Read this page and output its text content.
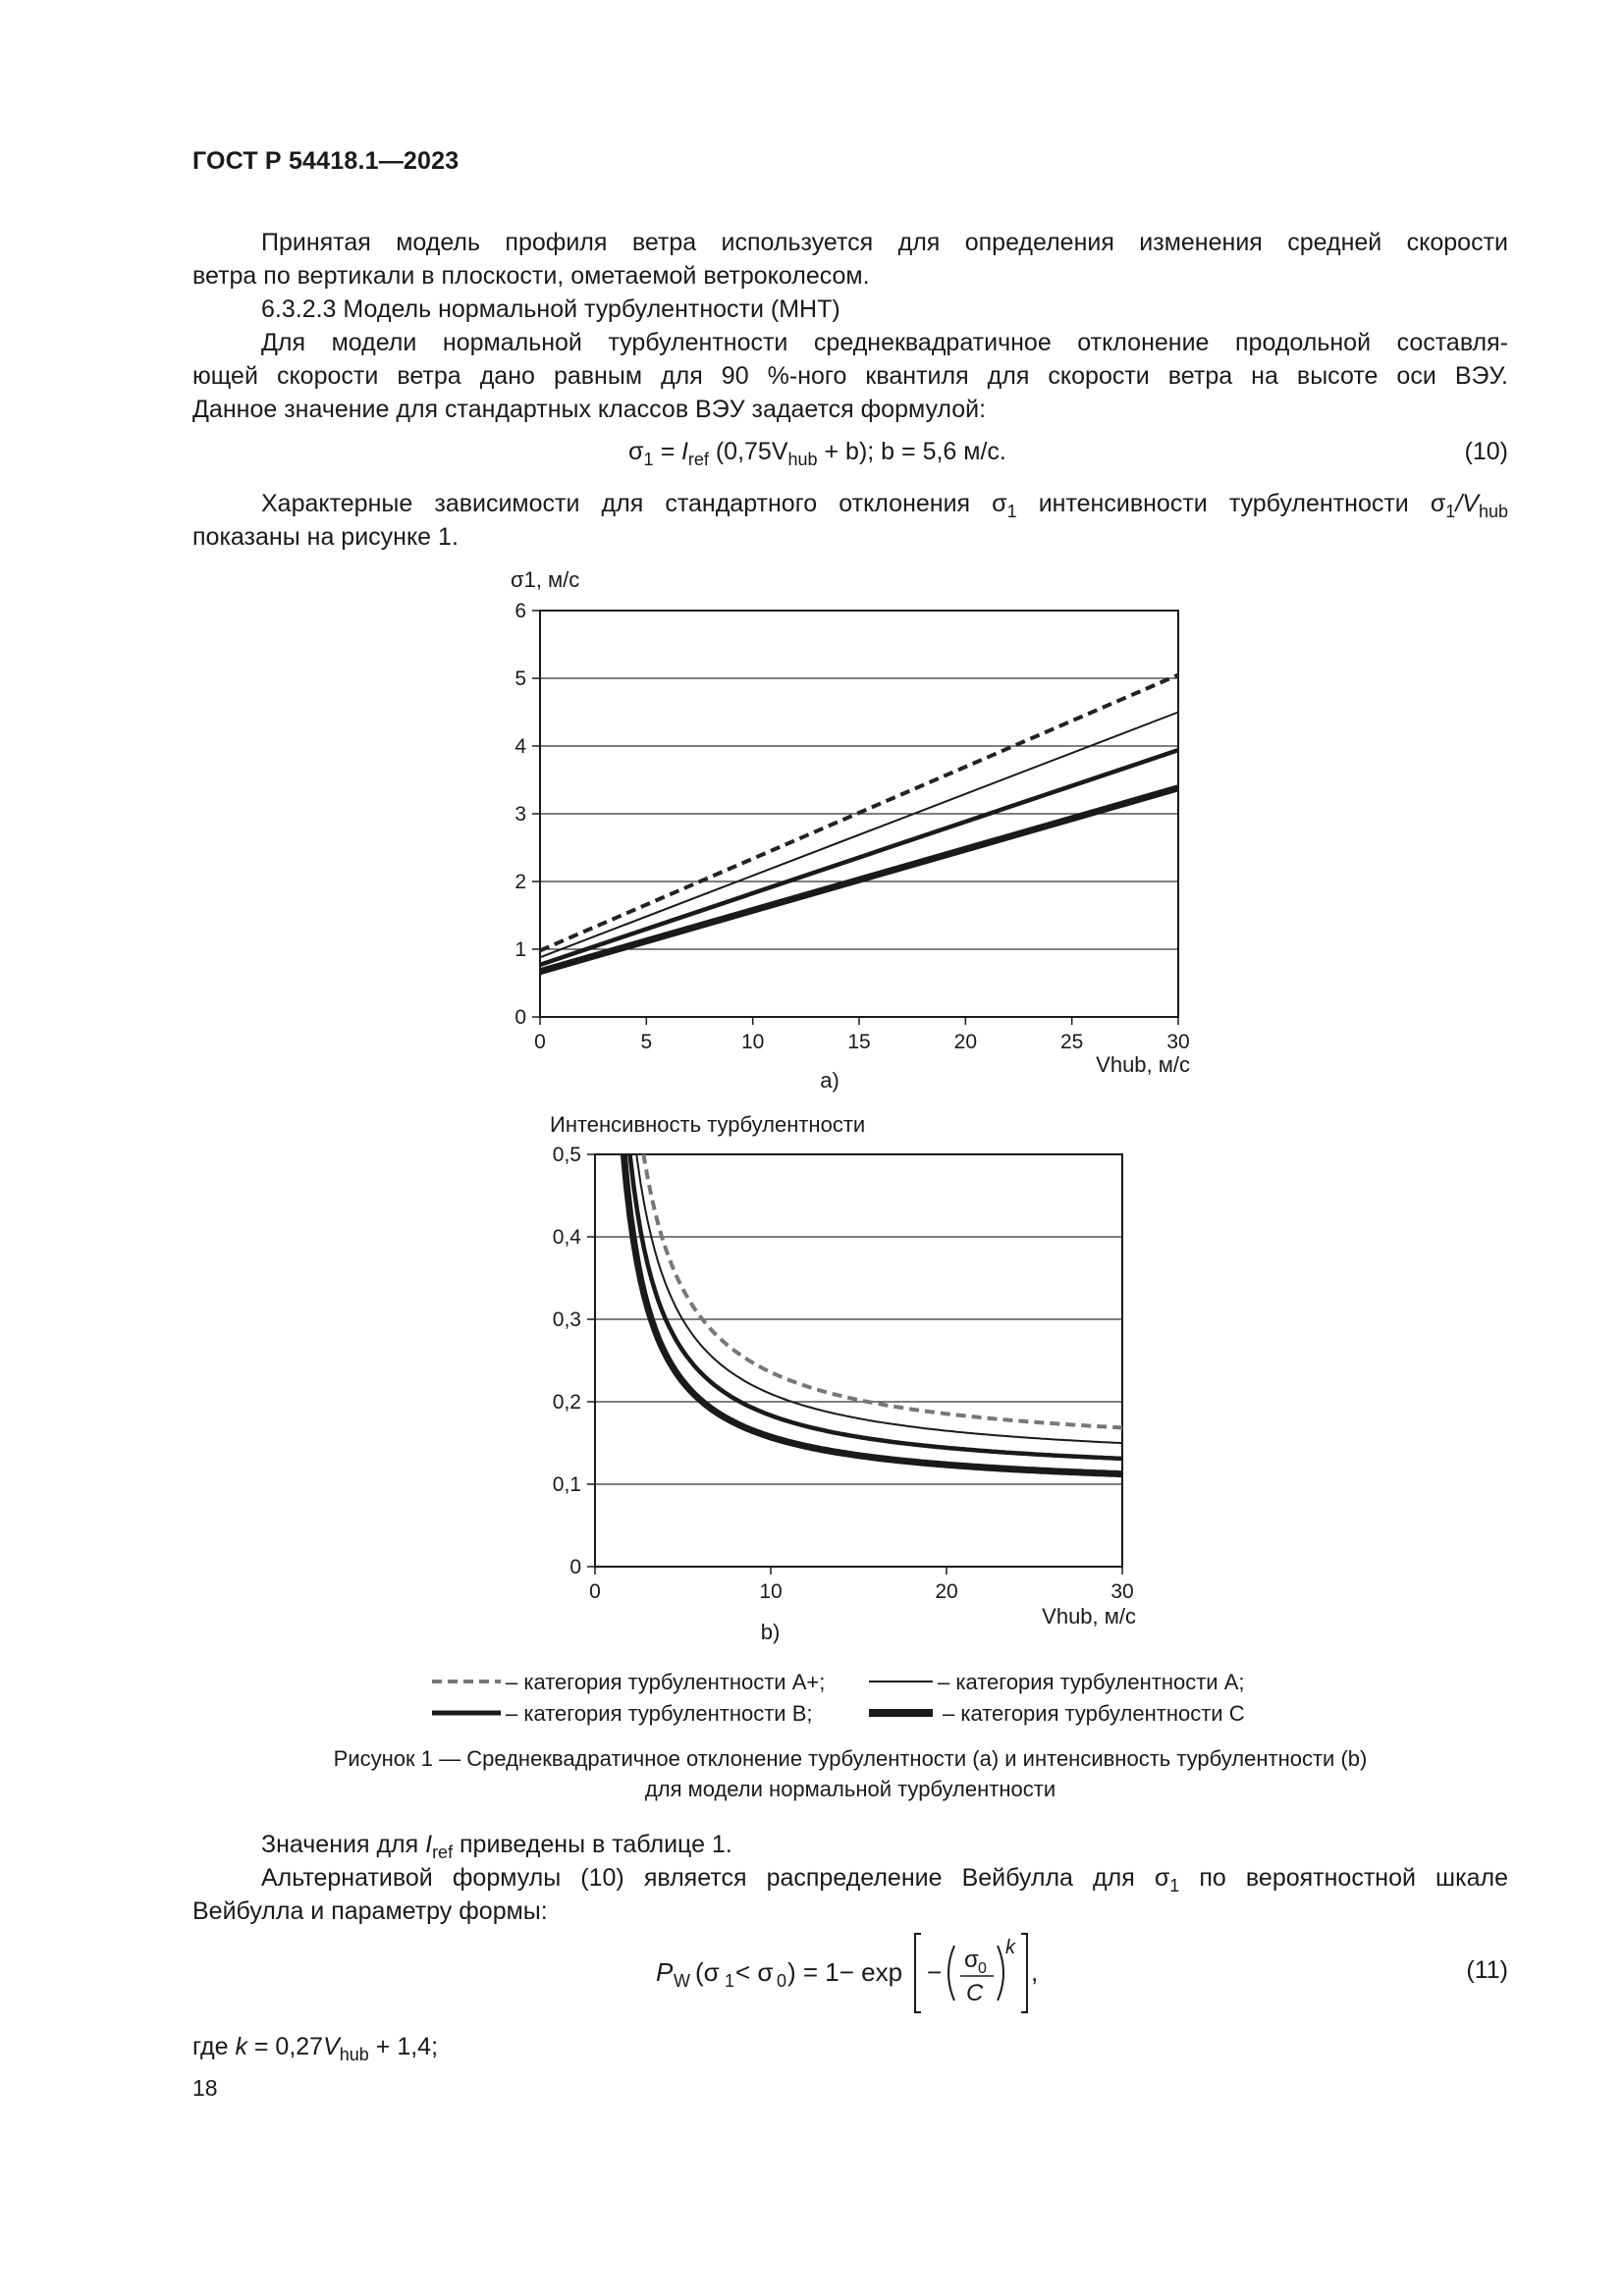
ГОСТ Р 54418.1—2023
Принятая модель профиля ветра используется для определения изменения средней скорости
ветра по вертикали в плоскости, ометаемой ветроколесом.
6.3.2.3 Модель нормальной турбулентности (МНТ)
Для модели нормальной турбулентности среднеквадратичное отклонение продольной составля-
ющей скорости ветра дано равным для 90 %-ного квантиля для скорости ветра на высоте оси ВЭУ.
Данное значение для стандартных классов ВЭУ задается формулой:
$\sigma_1 = I_{ref}$ $(0,75V_{hub} + b)$; b = 5,6 м/с.	(10)
Характерные зависимости для стандартного отклонения $\sigma_1$ интенсивности турбулентности $\sigma_1/V_{hub}$
показаны на рисунке 1.
0
1
2
3
4
5
6
0	5	10	15	20	25	30
σ1, м/с
Vhub, м/с
a)
0
0,1
0,2
0,3
0,4
0,5
0	10	20	30
Интенсивность турбулентности
Vhub, м/с
b)
– категория турбулентности А+;	– категория турбулентности А;
– категория турбулентности В;	– категория турбулентности С
Рисунок 1 — Среднеквадратичное отклонение турбулентности (a) и интенсивность турбулентности (b)
для модели нормальной турбулентности
Значения для $I_{ref}$ приведены в таблице 1.
Альтернативой формулы (10) является распределение Вейбулла для $\sigma_1$ по вероятностной шкале
Вейбулла и параметру формы:
P W (σ 1 < σ 0 ) = 1− exp − σ 0
C
k
,	(11)
где $k = 0,27V_{hub} + 1,4$;
18
